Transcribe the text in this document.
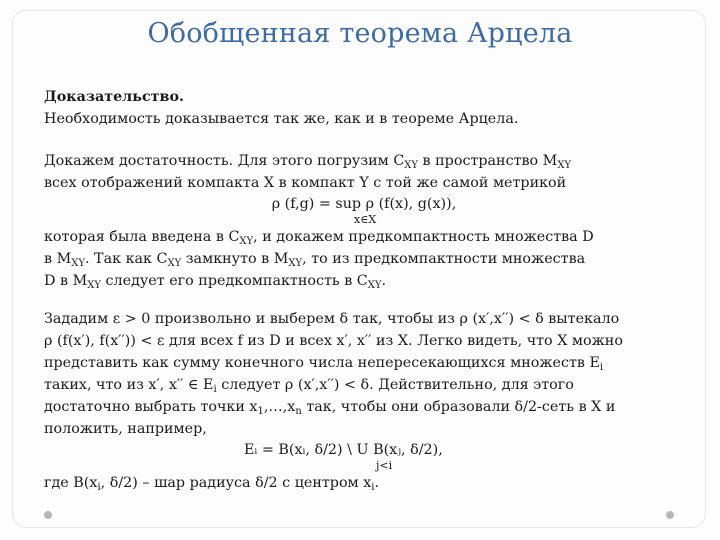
Обобщенная теорема Арцела
Доказательство.
Необходимость доказывается так же, как и в теореме Арцела.
Докажем достаточность. Для этого погрузим $C_{XY}$ в пространство $M_{XY}$
всех отображений компакта X в компакт Y с той же самой метрикой
ρ (f,g) = sup ρ (f(x), g(x)),
x∈X
которая была введена в $C_{XY}$, и докажем предкомпактность множества D
в $M_{XY}$. Так как $C_{XY}$ замкнуто в $M_{XY}$, то из предкомпактности множества
D в $M_{XY}$ следует его предкомпактность в $C_{XY}$.
Зададим ε > 0 произвольно и выберем δ так, чтобы из ρ (x′,x′′) < δ вытекало
ρ (f(x′), f(x′′)) < ε для всех f из D и всех x′, x′′ из X. Легко видеть, что X можно
представить как сумму конечного числа непересекающихся множеств $E_i$
таких, что из x′, x′′ ∈ $E_i$ следует ρ (x′,x′′) < δ. Действительно, для этого
достаточно выбрать точки $x_1,\dots,x_n$ так, чтобы они образовали δ/2-сеть в X и
положить, например,
Eᵢ = B(xᵢ, δ/2) \ U B(xⱼ, δ/2),
j<i
где $B(x_i$, δ/2) – шар радиуса δ/2 с центром $x_i$.
